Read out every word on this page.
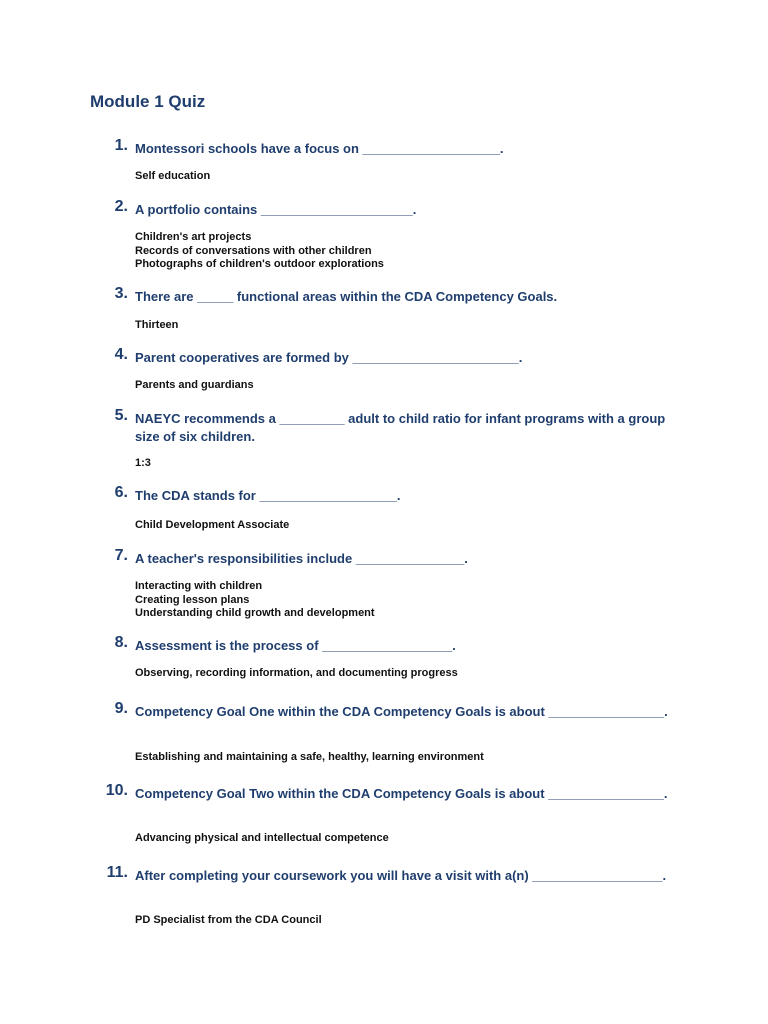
Module 1 Quiz
1. Montessori schools have a focus on ___________________.
Self education
2. A portfolio contains _____________________.
Children's art projects
Records of conversations with other children
Photographs of children's outdoor explorations
3. There are _____ functional areas within the CDA Competency Goals.
Thirteen
4. Parent cooperatives are formed by _______________________.
Parents and guardians
5. NAEYC recommends a _________ adult to child ratio for infant programs with a group size of six children.
1:3
6. The CDA stands for ___________________.
Child Development Associate
7. A teacher's responsibilities include _______________.
Interacting with children
Creating lesson plans
Understanding child growth and development
8. Assessment is the process of __________________.
Observing, recording information, and documenting progress
9. Competency Goal One within the CDA Competency Goals is about ________________.
Establishing and maintaining a safe, healthy, learning environment
10. Competency Goal Two within the CDA Competency Goals is about ________________.
Advancing physical and intellectual competence
11. After completing your coursework you will have a visit with a(n) __________________.
PD Specialist from the CDA Council
